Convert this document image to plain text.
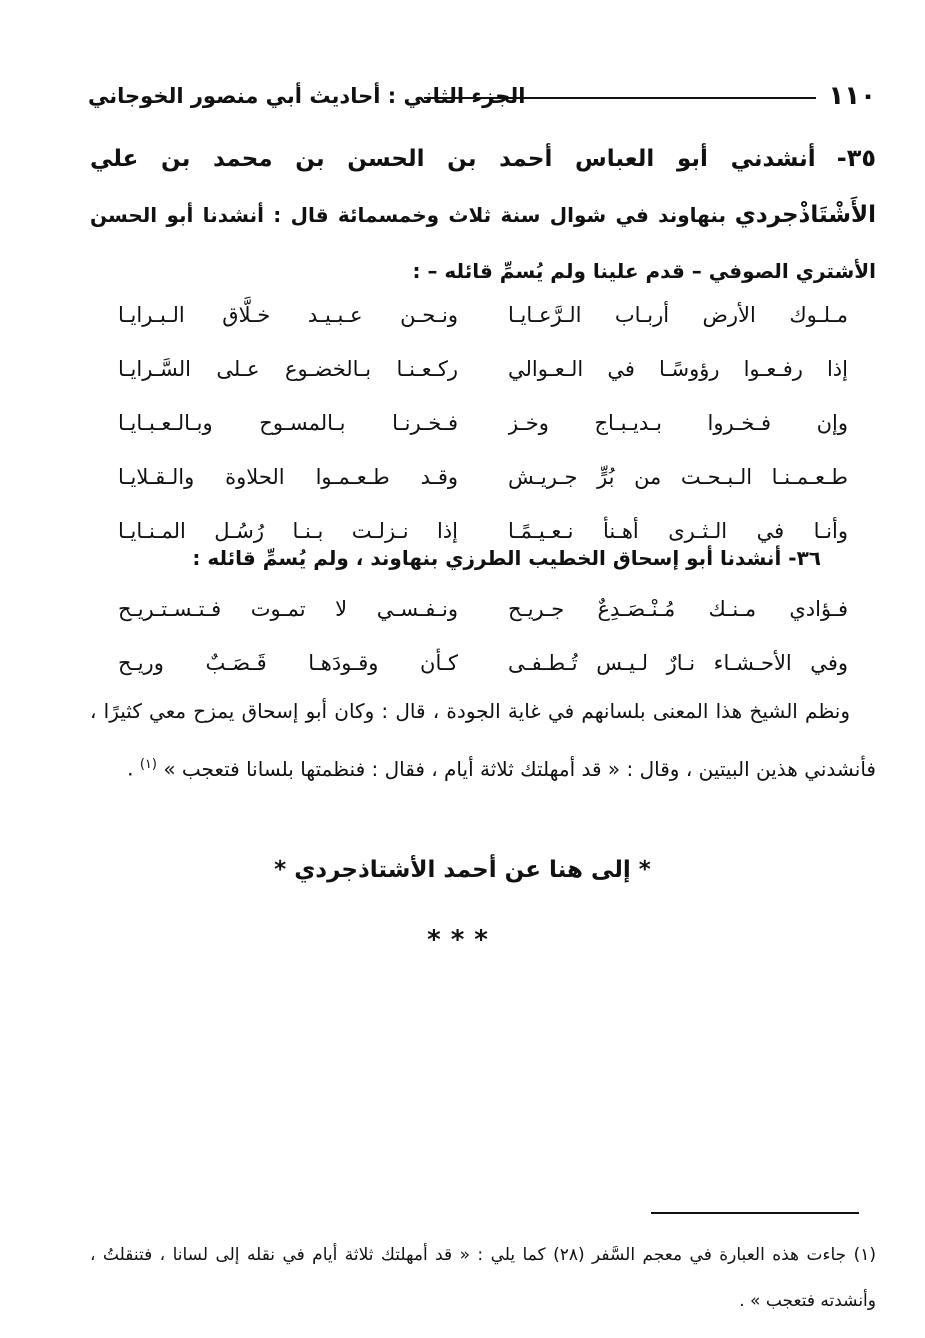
١١٠
الجزء الثاني : أحاديث أبي منصور الخوجاني
٣٥- أنشدني أبو العباس أحمد بن الحسن بن محمد بن علي الأَشْتَاذْجردي بنهاوند في شوال سنة ثلاث وخمسمائة قال : أنشدنا أبو الحسن الأشتري الصوفي – قدم علينا ولم يُسمِّ قائله – :
مـلـوك الأرض أربـاب الـرَّعـايـا
ونـحـن عـبـيـد خـلَّاق الـبـرايـا
إذا رفـعـوا رؤوسًـا في الـعـوالي
ركـعـنـا بـالخضـوع عـلى السَّـرايـا
وإن فـخـروا بـديـبـاج وخـز
فـخـرنـا بـالمسـوح وبـالـعـبـايـا
طـعـمـنـا الـبـحـت من بُرٍّ جـريـش
وقـد طـعـمـوا الحلاوة والـقـلايـا
وأنـا في الـثـرى أهـنأ نـعـيـمًـا
إذا نـزلـت بـنـا رُسُـل المـنـايـا
٣٦- أنشدنا أبو إسحاق الخطيب الطرزي بنهاوند ، ولم يُسمِّ قائله :
فـؤادي مـنـك مُـنْـصَـدِعٌ جـريـح
ونـفـسـي لا تمـوت فـتـسـتـريـح
وفي الأحـشـاء نـارٌ لـيـس تُـطـفـى
كـأن وقـودَهـا قَـصَـبٌ وريـح
ونظم الشيخ هذا المعنى بلسانهم في غاية الجودة ، قال : وكان أبو إسحاق يمزح معي كثيرًا ، فأنشدني هذين البيتين ، وقال : « قد أمهلتك ثلاثة أيام ، فقال : فنظمتها بلسانا فتعجب » $^{(١)}$ .
* إلى هنا عن أحمد الأشتاذجردي *
***
(١) جاءت هذه العبارة في معجم السَّفر (٢٨) كما يلي : « قد أمهلتك ثلاثة أيام في نقله إلى لسانا ، فتنقلتُ ، وأنشدته فتعجب » .
